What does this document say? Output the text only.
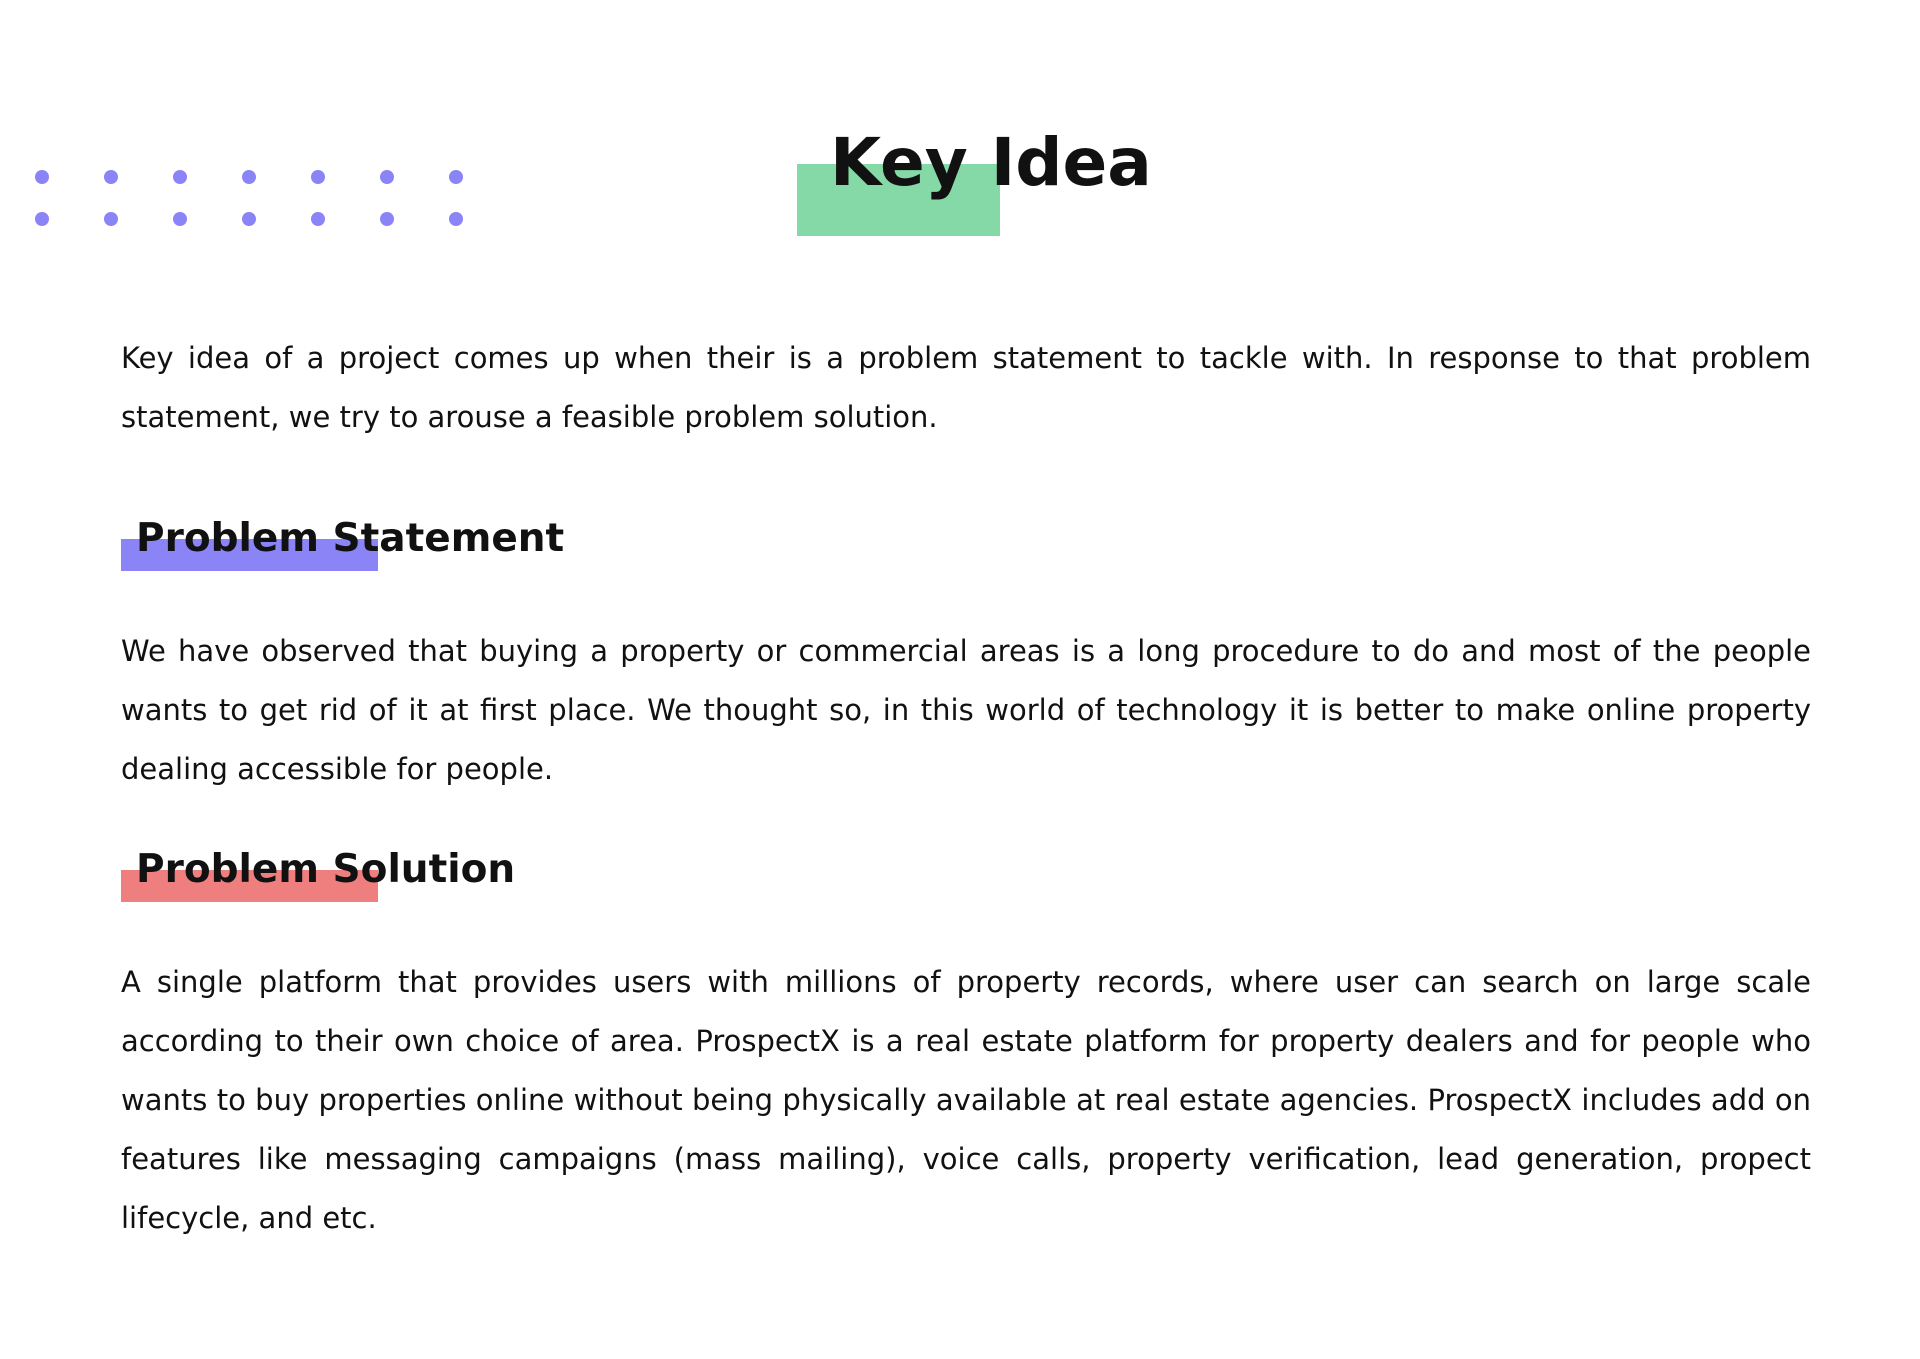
Key Idea

Key idea of a project comes up when their is a problem statement to tackle with. In response to that problem statement, we try to arouse a feasible problem solution.

Problem Statement

We have observed that buying a property or commercial areas is a long procedure to do and most of the people wants to get rid of it at first place. We thought so, in this world of technology it is better to make online property dealing accessible for people.

Problem Solution

A single platform that provides users with millions of property records, where user can search on large scale according to their own choice of area. ProspectX is a real estate platform for property dealers and for people who wants to buy properties online without being physically available at real estate agencies. ProspectX includes add on features like messaging campaigns (mass mailing), voice calls, property verification, lead generation, propect lifecycle, and etc.
